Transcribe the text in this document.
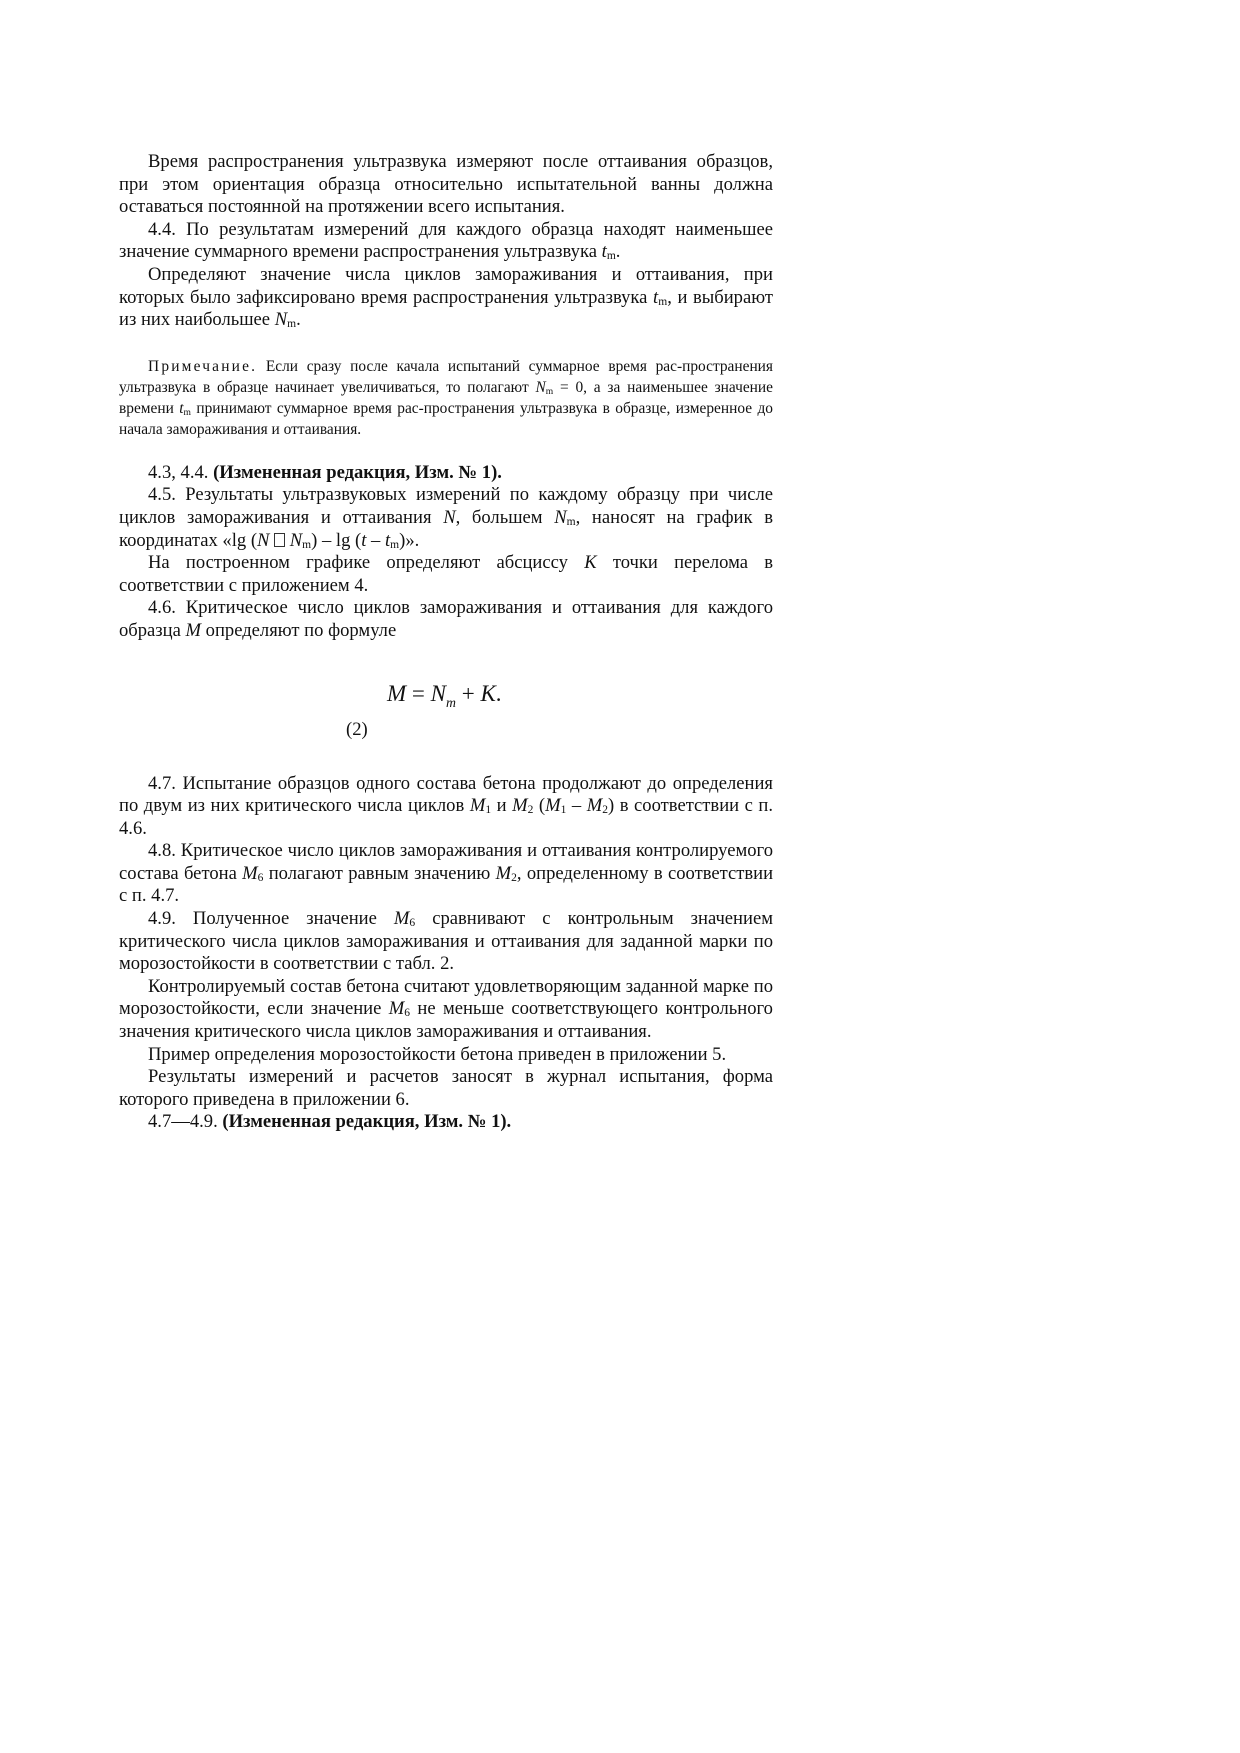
Время распространения ультразвука измеряют после оттаивания образцов, при этом ориентация образца относительно испытательной ванны должна оставаться постоянной на протяжении всего испытания.

4.4. По результатам измерений для каждого образца находят наименьшее значение суммарного времени распространения ультразвука $t_m$.

Определяют значение числа циклов замораживания и оттаивания, при которых было зафиксировано время распространения ультразвука $t_m$, и выбирают из них наибольшее $N_m$.

Примечание. Если сразу после качала испытаний суммарное время рас-пространения ультразвука в образце начинает увеличиваться, то полагают $N_m = 0$, а за наименьшее значение времени $t_m$ принимают суммарное время рас-пространения ультразвука в образце, измеренное до начала замораживания и оттаивания.

4.3, 4.4. (Измененная редакция, Изм. № 1).

4.5. Результаты ультразвуковых измерений по каждому образцу при числе циклов замораживания и оттаивания N, большем $N_m$, наносят на график в координатах «lg (N $N_m$) – $\lg (t - t_m)$».

На построенном графике определяют абсциссу K точки перелома в соответствии с приложением 4.

4.6. Критическое число циклов замораживания и оттаивания для каждого образца M определяют по формуле

$M = N_m + K$.
(2)

4.7. Испытание образцов одного состава бетона продолжают до определения по двум из них критического числа циклов $M_1$ и $M_2$ $(M_1 - M_2)$ в соответствии с п. 4.6.

4.8. Критическое число циклов замораживания и оттаивания контролируемого состава бетона $M_6$ полагают равным значению $M_2$, определенному в соответствии с п. 4.7.

4.9. Полученное значение $M_6$ сравнивают с контрольным значением критического числа циклов замораживания и оттаивания для заданной марки по морозостойкости в соответствии с табл. 2.

Контролируемый состав бетона считают удовлетворяющим заданной марке по морозостойкости, если значение $M_6$ не меньше соответствующего контрольного значения критического числа циклов замораживания и оттаивания.

Пример определения морозостойкости бетона приведен в приложении 5.

Результаты измерений и расчетов заносят в журнал испытания, форма которого приведена в приложении 6.

4.7—4.9. (Измененная редакция, Изм. № 1).
